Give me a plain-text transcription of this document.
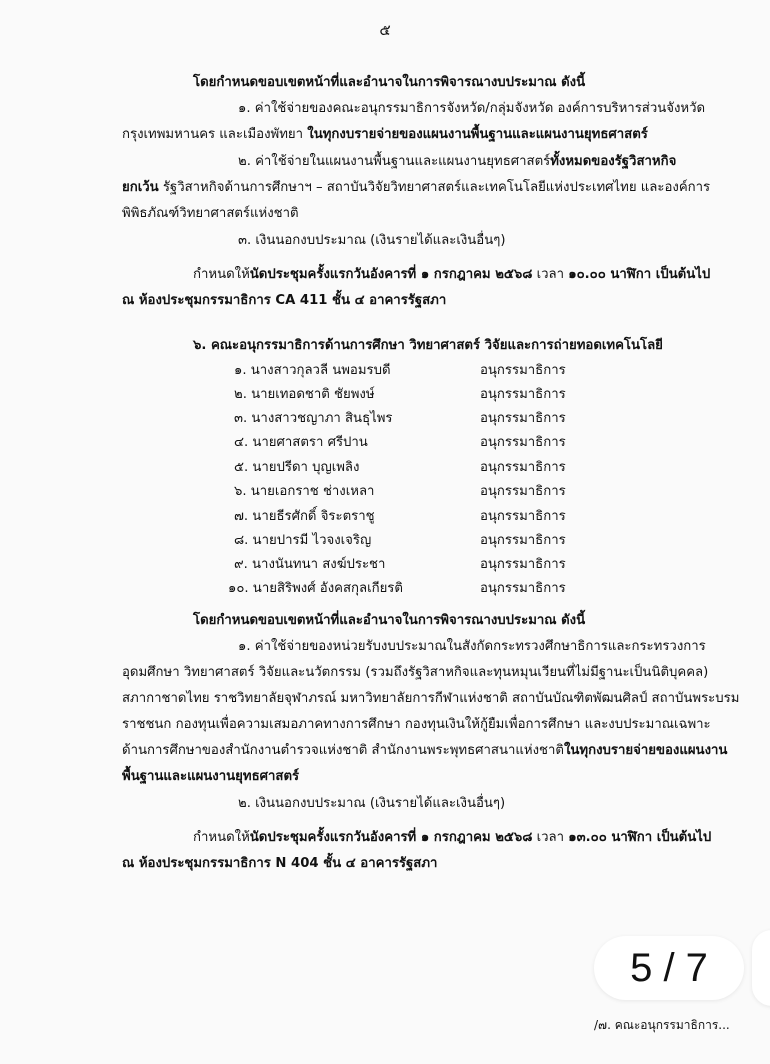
๕
โดยกำหนดขอบเขตหน้าที่และอำนาจในการพิจารณางบประมาณ ดังนี้
๑. ค่าใช้จ่ายของคณะอนุกรรมาธิการจังหวัด/กลุ่มจังหวัด องค์การบริหารส่วนจังหวัด
กรุงเทพมหานคร และเมืองพัทยา ในทุกงบรายจ่ายของแผนงานพื้นฐานและแผนงานยุทธศาสตร์
๒. ค่าใช้จ่ายในแผนงานพื้นฐานและแผนงานยุทธศาสตร์ทั้งหมดของรัฐวิสาหกิจ
ยกเว้น รัฐวิสาหกิจด้านการศึกษาฯ – สถาบันวิจัยวิทยาศาสตร์และเทคโนโลยีแห่งประเทศไทย และองค์การ
พิพิธภัณฑ์วิทยาศาสตร์แห่งชาติ
๓. เงินนอกงบประมาณ (เงินรายได้และเงินอื่นๆ)
กำหนดให้นัดประชุมครั้งแรกวันอังคารที่ ๑ กรกฎาคม ๒๕๖๘ เวลา ๑๐.๐๐ นาฬิกา เป็นต้นไป
ณ ห้องประชุมกรรมาธิการ CA 411 ชั้น ๔ อาคารรัฐสภา
๖. คณะอนุกรรมาธิการด้านการศึกษา วิทยาศาสตร์ วิจัยและการถ่ายทอดเทคโนโลยี
๑. นางสาวกุลวลี นพอมรบดี	อนุกรรมาธิการ
๒. นายเทอดชาติ ชัยพงษ์	อนุกรรมาธิการ
๓. นางสาวชญาภา สินธุไพร	อนุกรรมาธิการ
๔. นายศาสตรา ศรีปาน	อนุกรรมาธิการ
๕. นายปรีดา บุญเพลิง	อนุกรรมาธิการ
๖. นายเอกราช ช่างเหลา	อนุกรรมาธิการ
๗. นายธีรศักดิ์ จิระตราชู	อนุกรรมาธิการ
๘. นายปารมี ไวจงเจริญ	อนุกรรมาธิการ
๙. นางนันทนา สงฆ์ประชา	อนุกรรมาธิการ
๑๐. นายสิริพงศ์ อังคสกุลเกียรติ	อนุกรรมาธิการ
โดยกำหนดขอบเขตหน้าที่และอำนาจในการพิจารณางบประมาณ ดังนี้
๑. ค่าใช้จ่ายของหน่วยรับงบประมาณในสังกัดกระทรวงศึกษาธิการและกระทรวงการ
อุดมศึกษา วิทยาศาสตร์ วิจัยและนวัตกรรม (รวมถึงรัฐวิสาหกิจและทุนหมุนเวียนที่ไม่มีฐานะเป็นนิติบุคคล)
สภากาชาดไทย ราชวิทยาลัยจุฬาภรณ์ มหาวิทยาลัยการกีฬาแห่งชาติ สถาบันบัณฑิตพัฒนศิลป์ สถาบันพระบรม
ราชชนก กองทุนเพื่อความเสมอภาคทางการศึกษา กองทุนเงินให้กู้ยืมเพื่อการศึกษา และงบประมาณเฉพาะ
ด้านการศึกษาของสำนักงานตำรวจแห่งชาติ สำนักงานพระพุทธศาสนาแห่งชาติในทุกงบรายจ่ายของแผนงาน
พื้นฐานและแผนงานยุทธศาสตร์
๒. เงินนอกงบประมาณ (เงินรายได้และเงินอื่นๆ)
กำหนดให้นัดประชุมครั้งแรกวันอังคารที่ ๑ กรกฎาคม ๒๕๖๘ เวลา ๑๓.๐๐ นาฬิกา เป็นต้นไป
ณ ห้องประชุมกรรมาธิการ N 404 ชั้น ๔ อาคารรัฐสภา
5 / 7
/๗. คณะอนุกรรมาธิการ...
